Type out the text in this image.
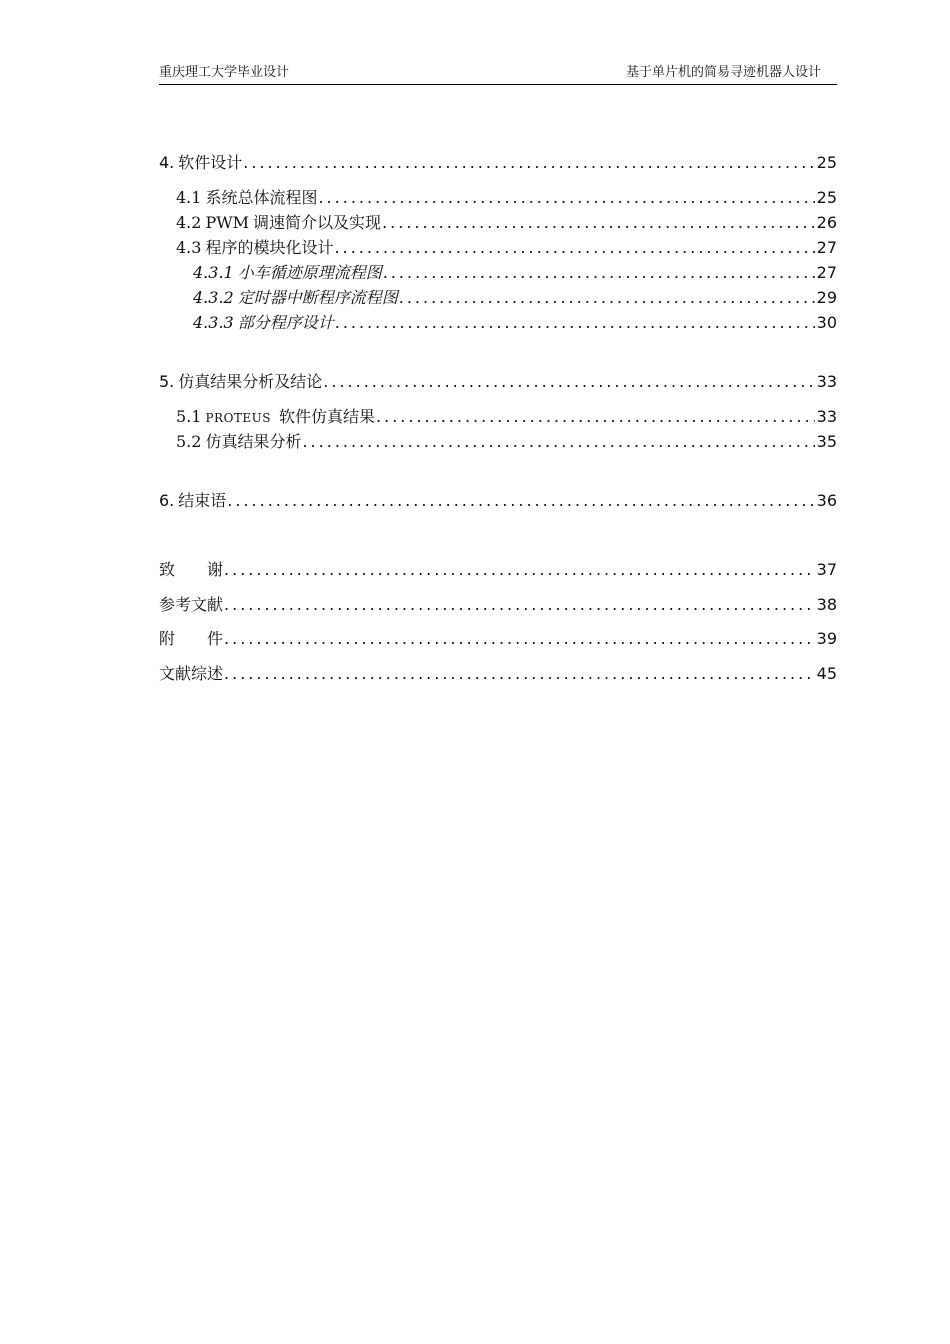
重庆理工大学毕业设计	基于单片机的简易寻迹机器人设计
4. 软件设计 .....	25
4.1 系统总体流程图 .....	25
4.2 PWM 调速简介以及实现 .....	26
4.3 程序的模块化设计 .....	27
4.3.1 小车循迹原理流程图 .....	27
4.3.2 定时器中断程序流程图 .....	29
4.3.3 部分程序设计 .....	30
5. 仿真结果分析及结论 .....	33
5.1 PROTEUS 软件仿真结果 .....	33
5.2 仿真结果分析 .....	35
6. 结束语 .....	36
致　　谢 .....	37
参考文献 .....	38
附　　件 .....	39
文献综述 .....	45
